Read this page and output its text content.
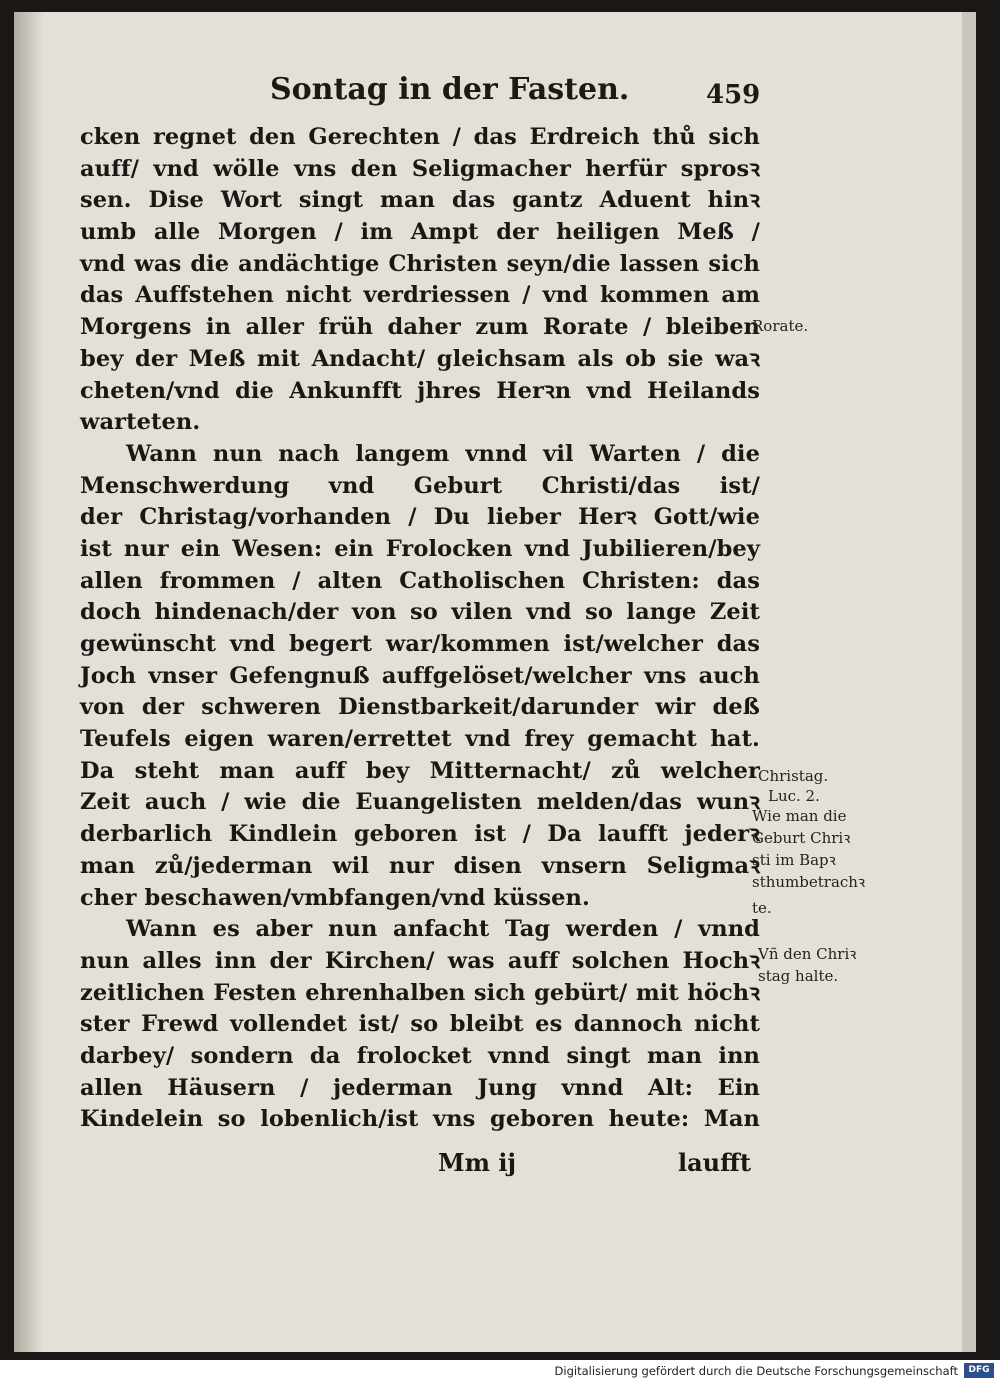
Sontag in der Fasten.	459
cken regnet den Gerechten / das Erdreich thů sich
auff/ vnd wölle vns den Seligmacher herfür sprosꝛ
sen. Dise Wort singt man das gantz Aduent hinꝛ
umb alle Morgen / im Ampt der heiligen Meß /
vnd was die andächtige Christen seyn/die lassen sich
das Auffstehen nicht verdriessen / vnd kommen am
Morgens in aller früh daher zum Rorate / bleiben
bey der Meß mit Andacht/ gleichsam als ob sie waꝛ
cheten/vnd die Ankunfft jhres Herꝛn vnd Heilands
warteten.
Wann nun nach langem vnnd vil Warten / die
Menschwerdung vnd Geburt Christi/das ist/
der Christag/vorhanden / Du lieber Herꝛ Gott/wie
ist nur ein Wesen: ein Frolocken vnd Jubilieren/bey
allen frommen / alten Catholischen Christen: das
doch hindenach/der von so vilen vnd so lange Zeit
gewünscht vnd begert war/kommen ist/welcher das
Joch vnser Gefengnuß auffgelöset/welcher vns auch
von der schweren Dienstbarkeit/darunder wir deß
Teufels eigen waren/errettet vnd frey gemacht hat.
Da steht man auff bey Mitternacht/ zů welcher
Zeit auch / wie die Euangelisten melden/das wunꝛ
derbarlich Kindlein geboren ist / Da laufft jederꝛ
man zů/jederman wil nur disen vnsern Seligmaꝛ
cher beschawen/vmbfangen/vnd küssen.
Wann es aber nun anfacht Tag werden / vnnd
nun alles inn der Kirchen/ was auff solchen Hochꝛ
zeitlichen Festen ehrenhalben sich gebürt/ mit höchꝛ
ster Frewd vollendet ist/ so bleibt es dannoch nicht
darbey/ sondern da frolocket vnnd singt man inn
allen Häusern / jederman Jung vnnd Alt: Ein
Kindelein so lobenlich/ist vns geboren heute: Man
Mm ij	laufft
Rorate.
Christag.
Luc. 2.
Wie man die
Geburt Chriꝛ
sti im Bapꝛ
sthumbetrachꝛ
te.
Vñ den Chriꝛ
stag halte.
Digitalisierung gefördert durch die Deutsche Forschungsgemeinschaft	DFG
